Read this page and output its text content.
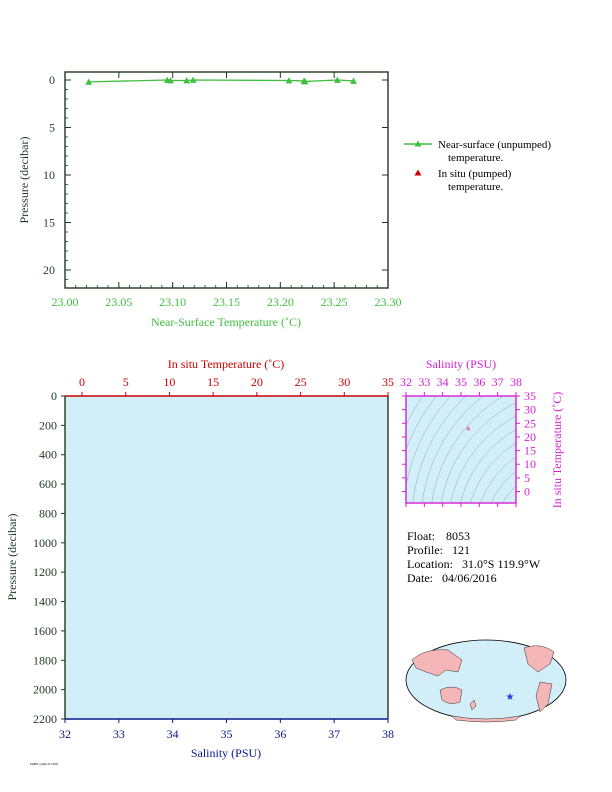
23.00 23.05 23.10 23.15 23.20 23.25 23.30
0
5
10
15
20
Near-Surface Temperature (˚C)
Pressure (decibar)	Near-surface (unpumped)
temperature.
In situ (pumped)
temperature.
0	5	10	15	20	25	30	35
32	33	34	35	36	37	38
0
200
400
600
800
1000
1200
1400
1600
1800
2000
2200
In situ Temperature (˚C)
Salinity (PSU)
Pressure (decibar)
32 33 34 35 36 37 38
0
5
10
15
20
25
30
35
Salinity (PSU)
In situ Temperature (˚C)
Float: 8053
Profile: 121
Location: 31.0°S 119.9°W
Date: 04/06/2016
★
PMEL/ARGO 2016
